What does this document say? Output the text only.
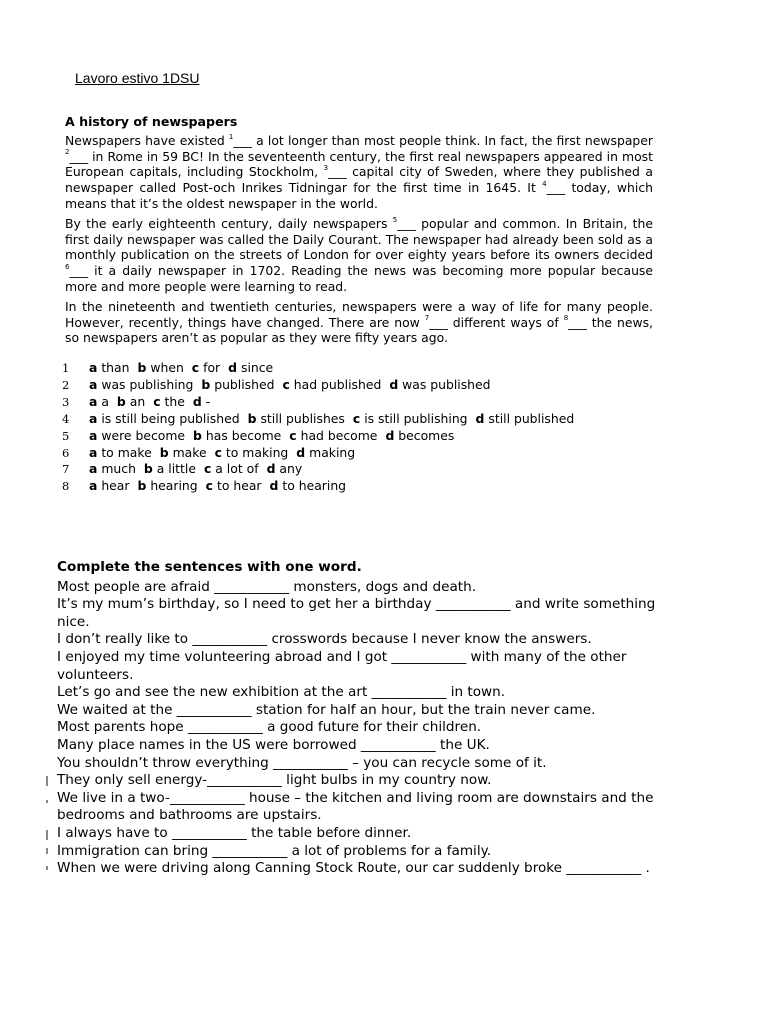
Lavoro estivo 1DSU
A history of newspapers

Newspapers have existed $^1$___ a lot longer than most people think. In fact, the first newspaper $^2$___ in Rome in 59 BC! In the seventeenth century, the first real newspapers appeared in most European capitals, including Stockholm, $^3$___ capital city of Sweden, where they published a newspaper called Post-och Inrikes Tidningar for the first time in 1645. It $^4$___ today, which means that it’s the oldest newspaper in the world.

By the early eighteenth century, daily newspapers $^5$___ popular and common. In Britain, the first daily newspaper was called the Daily Courant. The newspaper had already been sold as a monthly publication on the streets of London for over eighty years before its owners decided $^6$___ it a daily newspaper in 1702. Reading the news was becoming more popular because more and more people were learning to read.

In the nineteenth and twentieth centuries, newspapers were a way of life for many people. However, recently, things have changed. There are now $^7$___ different ways of $^8$___ the news, so newspapers aren’t as popular as they were fifty years ago.

1	a than b when c for d since
2	a was publishing b published c had published d was published
3	a a b an c the d -
4	a is still being published b still publishes c is still publishing d still published
5	a were become b has become c had become d becomes
6	a to make b make c to making d making
7	a much b a little c a lot of d any
8	a hear b hearing c to hear d to hearing
Complete the sentences with one word.
Most people are afraid ___________ monsters, dogs and death.
It’s my mum’s birthday, so I need to get her a birthday ___________ and write something nice.
I don’t really like to ___________ crosswords because I never know the answers.
I enjoyed my time volunteering abroad and I got ___________ with many of the other volunteers.
Let’s go and see the new exhibition at the art ___________ in town.
We waited at the ___________ station for half an hour, but the train never came.
Most parents hope ___________ a good future for their children.
Many place names in the US were borrowed ___________ the UK.
You shouldn’t throw everything ___________ – you can recycle some of it.
They only sell energy-___________ light bulbs in my country now.
We live in a two-___________ house – the kitchen and living room are downstairs and the bedrooms and bathrooms are upstairs.
I always have to ___________ the table before dinner.
Immigration can bring ___________ a lot of problems for a family.
When we were driving along Canning Stock Route, our car suddenly broke ___________ .
